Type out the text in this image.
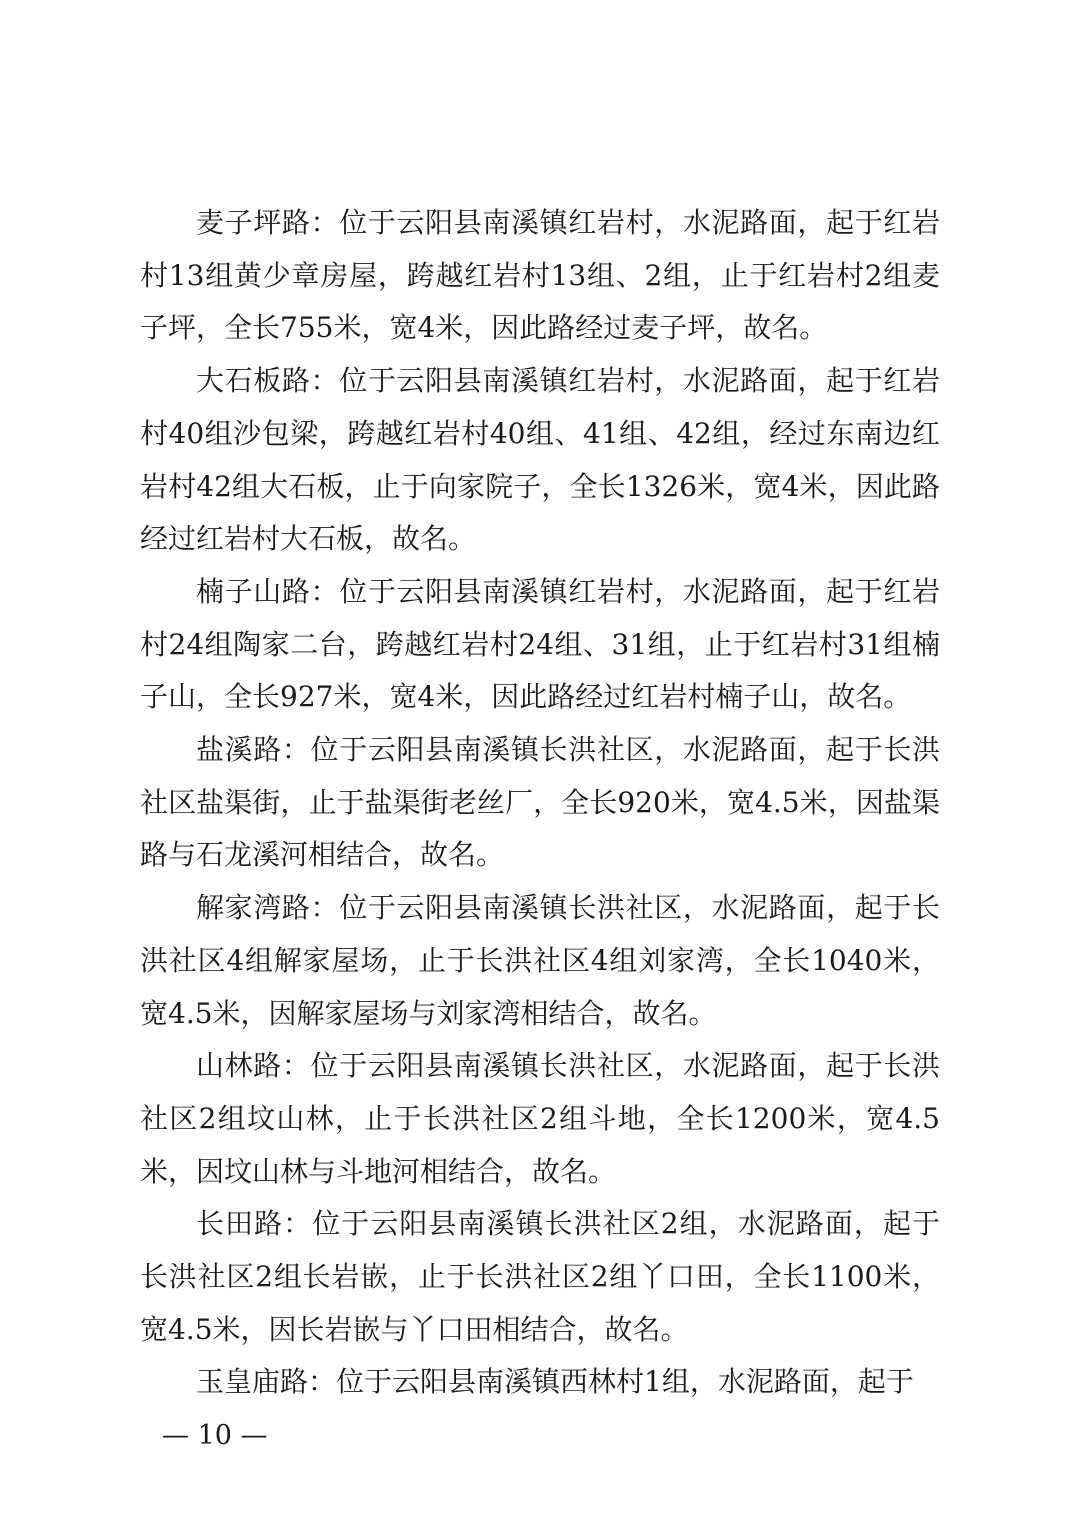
麦子坪路：位于云阳县南溪镇红岩村，水泥路面，起于红岩村13组黄少章房屋，跨越红岩村13组、2组，止于红岩村2组麦子坪，全长755米，宽4米，因此路经过麦子坪，故名。

大石板路：位于云阳县南溪镇红岩村，水泥路面，起于红岩村40组沙包梁，跨越红岩村40组、41组、42组，经过东南边红岩村42组大石板，止于向家院子，全长1326米，宽4米，因此路经过红岩村大石板，故名。

楠子山路：位于云阳县南溪镇红岩村，水泥路面，起于红岩村24组陶家二台，跨越红岩村24组、31组，止于红岩村31组楠子山，全长927米，宽4米，因此路经过红岩村楠子山，故名。

盐溪路：位于云阳县南溪镇长洪社区，水泥路面，起于长洪社区盐渠街，止于盐渠街老丝厂，全长920米，宽4.5米，因盐渠路与石龙溪河相结合，故名。

解家湾路：位于云阳县南溪镇长洪社区，水泥路面，起于长洪社区4组解家屋场，止于长洪社区4组刘家湾，全长1040米，宽4.5米，因解家屋场与刘家湾相结合，故名。

山林路：位于云阳县南溪镇长洪社区，水泥路面，起于长洪社区2组坟山林，止于长洪社区2组斗地，全长1200米，宽4.5米，因坟山林与斗地河相结合，故名。

长田路：位于云阳县南溪镇长洪社区2组，水泥路面，起于长洪社区2组长岩嵌，止于长洪社区2组丫口田，全长1100米，宽4.5米，因长岩嵌与丫口田相结合，故名。

玉皇庙路：位于云阳县南溪镇西林村1组，水泥路面，起于

— 10 —
